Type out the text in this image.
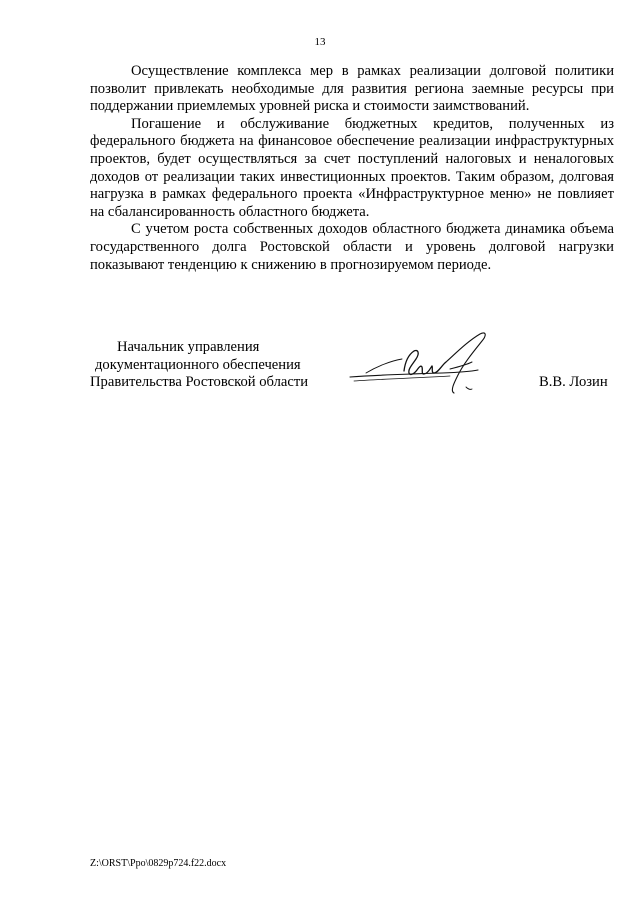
13

Осуществление комплекса мер в рамках реализации долговой политики позволит привлекать необходимые для развития региона заемные ресурсы при поддержании приемлемых уровней риска и стоимости заимствований.

Погашение и обслуживание бюджетных кредитов, полученных из федерального бюджета на финансовое обеспечение реализации инфраструктурных проектов, будет осуществляться за счет поступлений налоговых и неналоговых доходов от реализации таких инвестиционных проектов. Таким образом, долговая нагрузка в рамках федерального проекта «Инфраструктурное меню» не повлияет на сбалансированность областного бюджета.

С учетом роста собственных доходов областного бюджета динамика объема государственного долга Ростовской области и уровень долговой нагрузки показывают тенденцию к снижению в прогнозируемом периоде.

Начальник управления
документационного обеспечения
Правительства Ростовской области	В.В. Лозин
Z:\ORST\Ppo\0829p724.f22.docx
